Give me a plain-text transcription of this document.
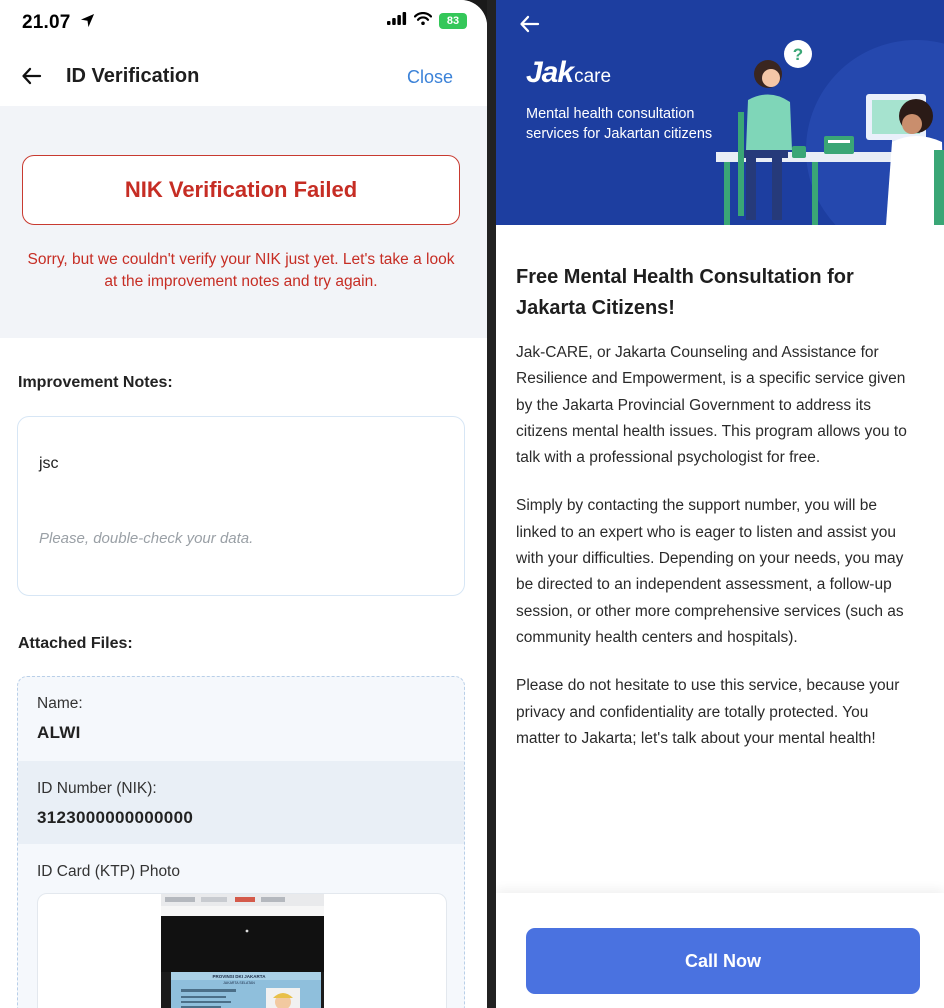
21.07	83
ID Verification	Close
NIK Verification Failed
Sorry, but we couldn't verify your NIK just yet. Let's take a look at the improvement notes and try again.
Improvement Notes:
jsc
Please, double-check your data.
Attached Files:
Name:
ALWI
ID Number (NIK):
3123000000000000
ID Card (KTP) Photo
PROVINSI DKI JAKARTA
JAKARTA SELATAN
Jakcare
Mental health consultation services for Jakartan citizens
?
Free Mental Health Consultation for Jakarta Citizens!

Jak-CARE, or Jakarta Counseling and Assistance for Resilience and Empowerment, is a specific service given by the Jakarta Provincial Government to address its citizens mental health issues. This program allows you to talk with a professional psychologist for free.

Simply by contacting the support number, you will be linked to an expert who is eager to listen and assist you with your difficulties. Depending on your needs, you may be directed to an independent assessment, a follow-up session, or other more comprehensive services (such as community health centers and hospitals).

Please do not hesitate to use this service, because your privacy and confidentiality are totally protected. You matter to Jakarta; let's talk about your mental health!

Call Now
